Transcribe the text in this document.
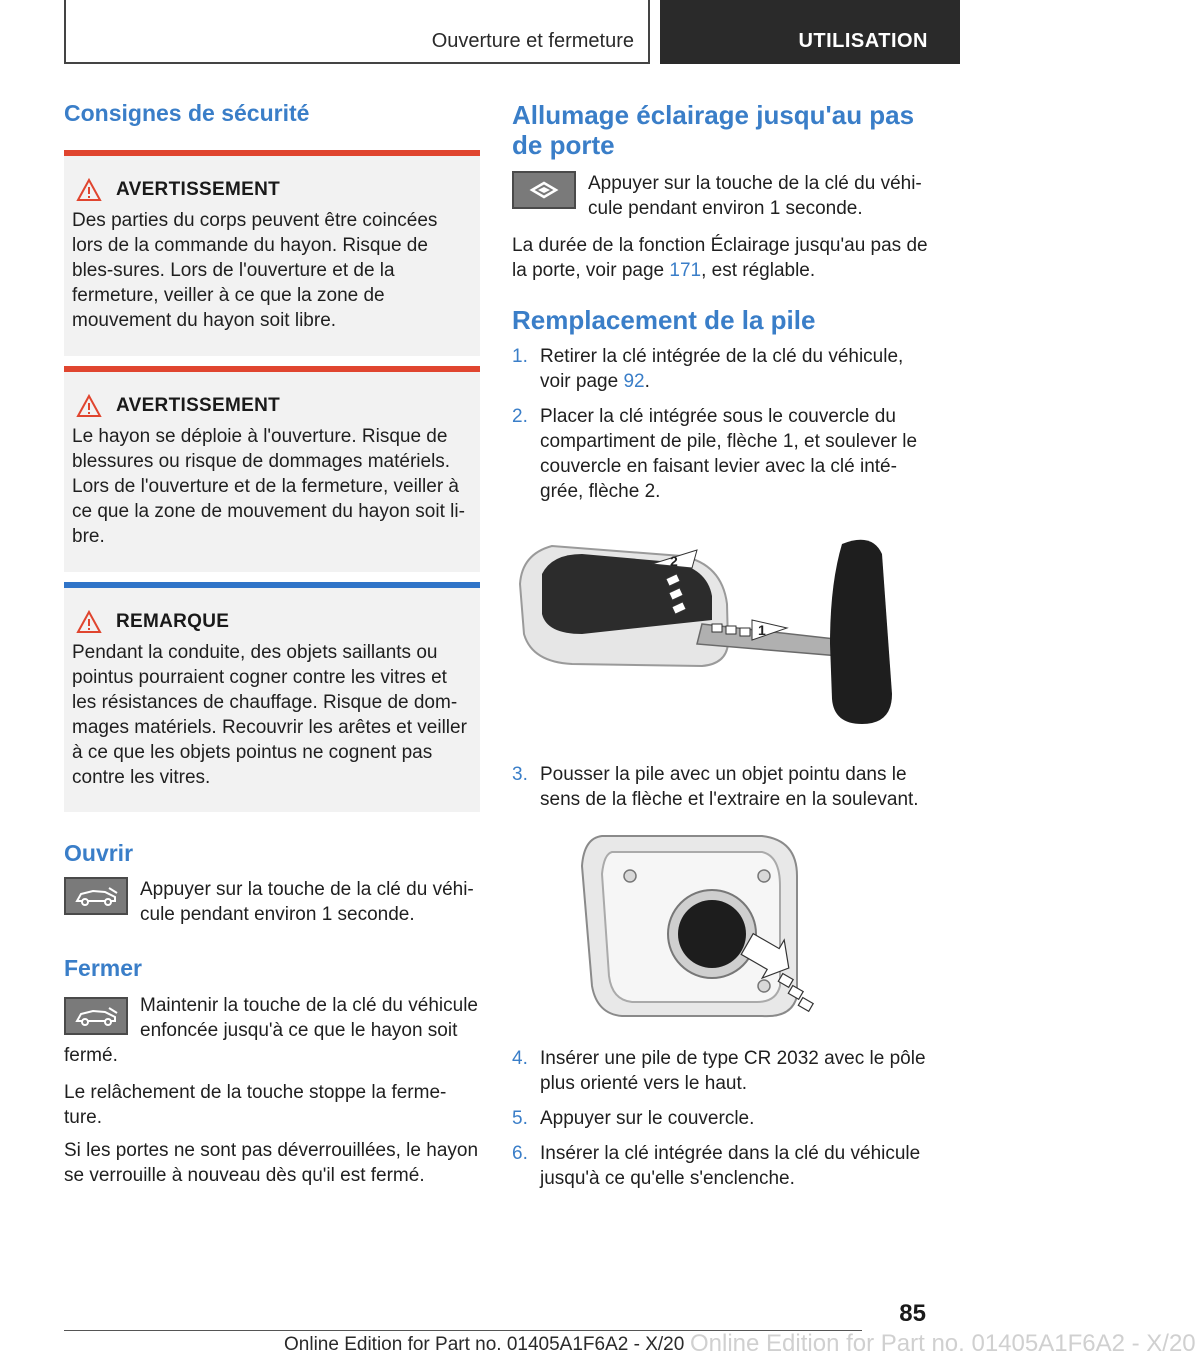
Ouverture et fermeture	UTILISATION
Consignes de sécurité
AVERTISSEMENT

Des parties du corps peuvent être coincées lors de la commande du hayon. Risque de bles-sures. Lors de l'ouverture et de la fermeture, veiller à ce que la zone de mouvement du hayon soit libre.

AVERTISSEMENT

Le hayon se déploie à l'ouverture. Risque de blessures ou risque de dommages matériels. Lors de l'ouverture et de la fermeture, veiller à ce que la zone de mouvement du hayon soit li-bre.

REMARQUE

Pendant la conduite, des objets saillants ou pointus pourraient cogner contre les vitres et les résistances de chauffage. Risque de dom-mages matériels. Recouvrir les arêtes et veiller à ce que les objets pointus ne cognent pas contre les vitres.

Ouvrir

Appuyer sur la touche de la clé du véhi-cule pendant environ 1 seconde.

Fermer

Maintenir la touche de la clé du véhicule enfoncée jusqu'à ce que le hayon soit fermé.

Le relâchement de la touche stoppe la ferme-ture.

Si les portes ne sont pas déverrouillées, le hayon se verrouille à nouveau dès qu'il est fermé.

Allumage éclairage jusqu'au pas de porte

Appuyer sur la touche de la clé du véhi-cule pendant environ 1 seconde.

La durée de la fonction Éclairage jusqu'au pas de la porte, voir page 171, est réglable.

Remplacement de la pile
1. Retirer la clé intégrée de la clé du véhicule, voir page 92.
2. Placer la clé intégrée sous le couvercle du compartiment de pile, flèche 1, et soulever le couvercle en faisant levier avec la clé inté-grée, flèche 2.
2
1
3. Pousser la pile avec un objet pointu dans le sens de la flèche et l'extraire en la soulevant.
4. Insérer une pile de type CR 2032 avec le pôle plus orienté vers le haut.
5. Appuyer sur le couvercle.
6. Insérer la clé intégrée dans la clé du véhicule jusqu'à ce qu'elle s'enclenche.
85
Online Edition for Part no. 01405A1F6A2 - X/20
Online Edition for Part no. 01405A1F6A2 - X/20
